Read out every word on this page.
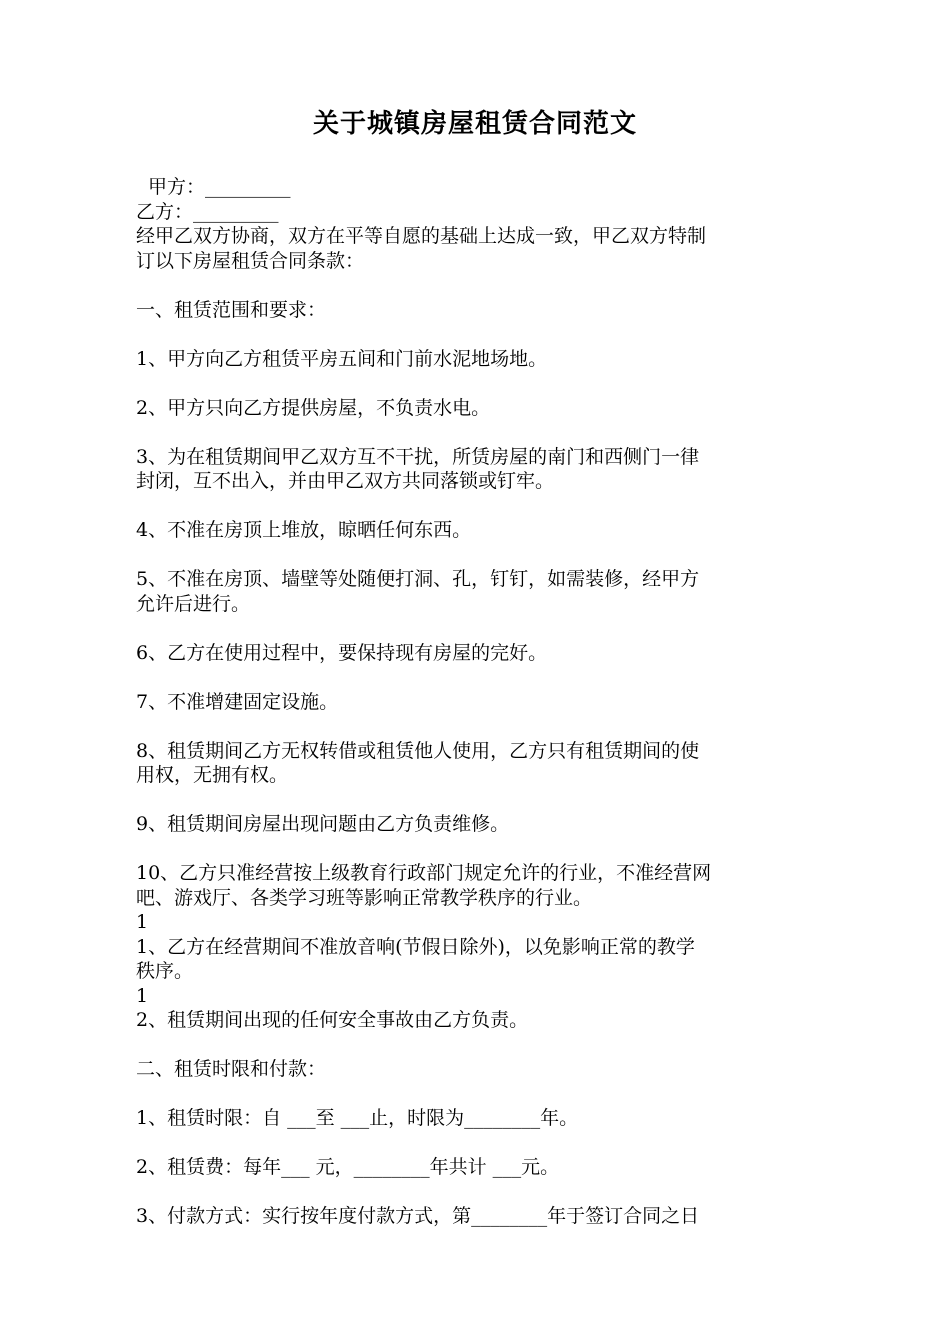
关于城镇房屋租赁合同范文
甲方：_________
乙方：_________
经甲乙双方协商，双方在平等自愿的基础上达成一致，甲乙双方特制
订以下房屋租赁合同条款：
一、租赁范围和要求：
1、甲方向乙方租赁平房五间和门前水泥地场地。
2、甲方只向乙方提供房屋，不负责水电。
3、为在租赁期间甲乙双方互不干扰，所赁房屋的南门和西侧门一律
封闭，互不出入，并由甲乙双方共同落锁或钉牢。
4、不准在房顶上堆放，晾晒任何东西。
5、不准在房顶、墙壁等处随便打洞、孔，钉钉，如需装修，经甲方
允许后进行。
6、乙方在使用过程中，要保持现有房屋的完好。
7、不准增建固定设施。
8、租赁期间乙方无权转借或租赁他人使用，乙方只有租赁期间的使
用权，无拥有权。
9、租赁期间房屋出现问题由乙方负责维修。
10、乙方只准经营按上级教育行政部门规定允许的行业，不准经营网
吧、游戏厅、各类学习班等影响正常教学秩序的行业。
1
1、乙方在经营期间不准放音响(节假日除外)，以免影响正常的教学
秩序。
1
2、租赁期间出现的任何安全事故由乙方负责。
二、租赁时限和付款：
1、租赁时限：自 ___至 ___止，时限为________年。
2、租赁费：每年___ 元，________年共计 ___元。
3、付款方式：实行按年度付款方式，第________年于签订合同之日
